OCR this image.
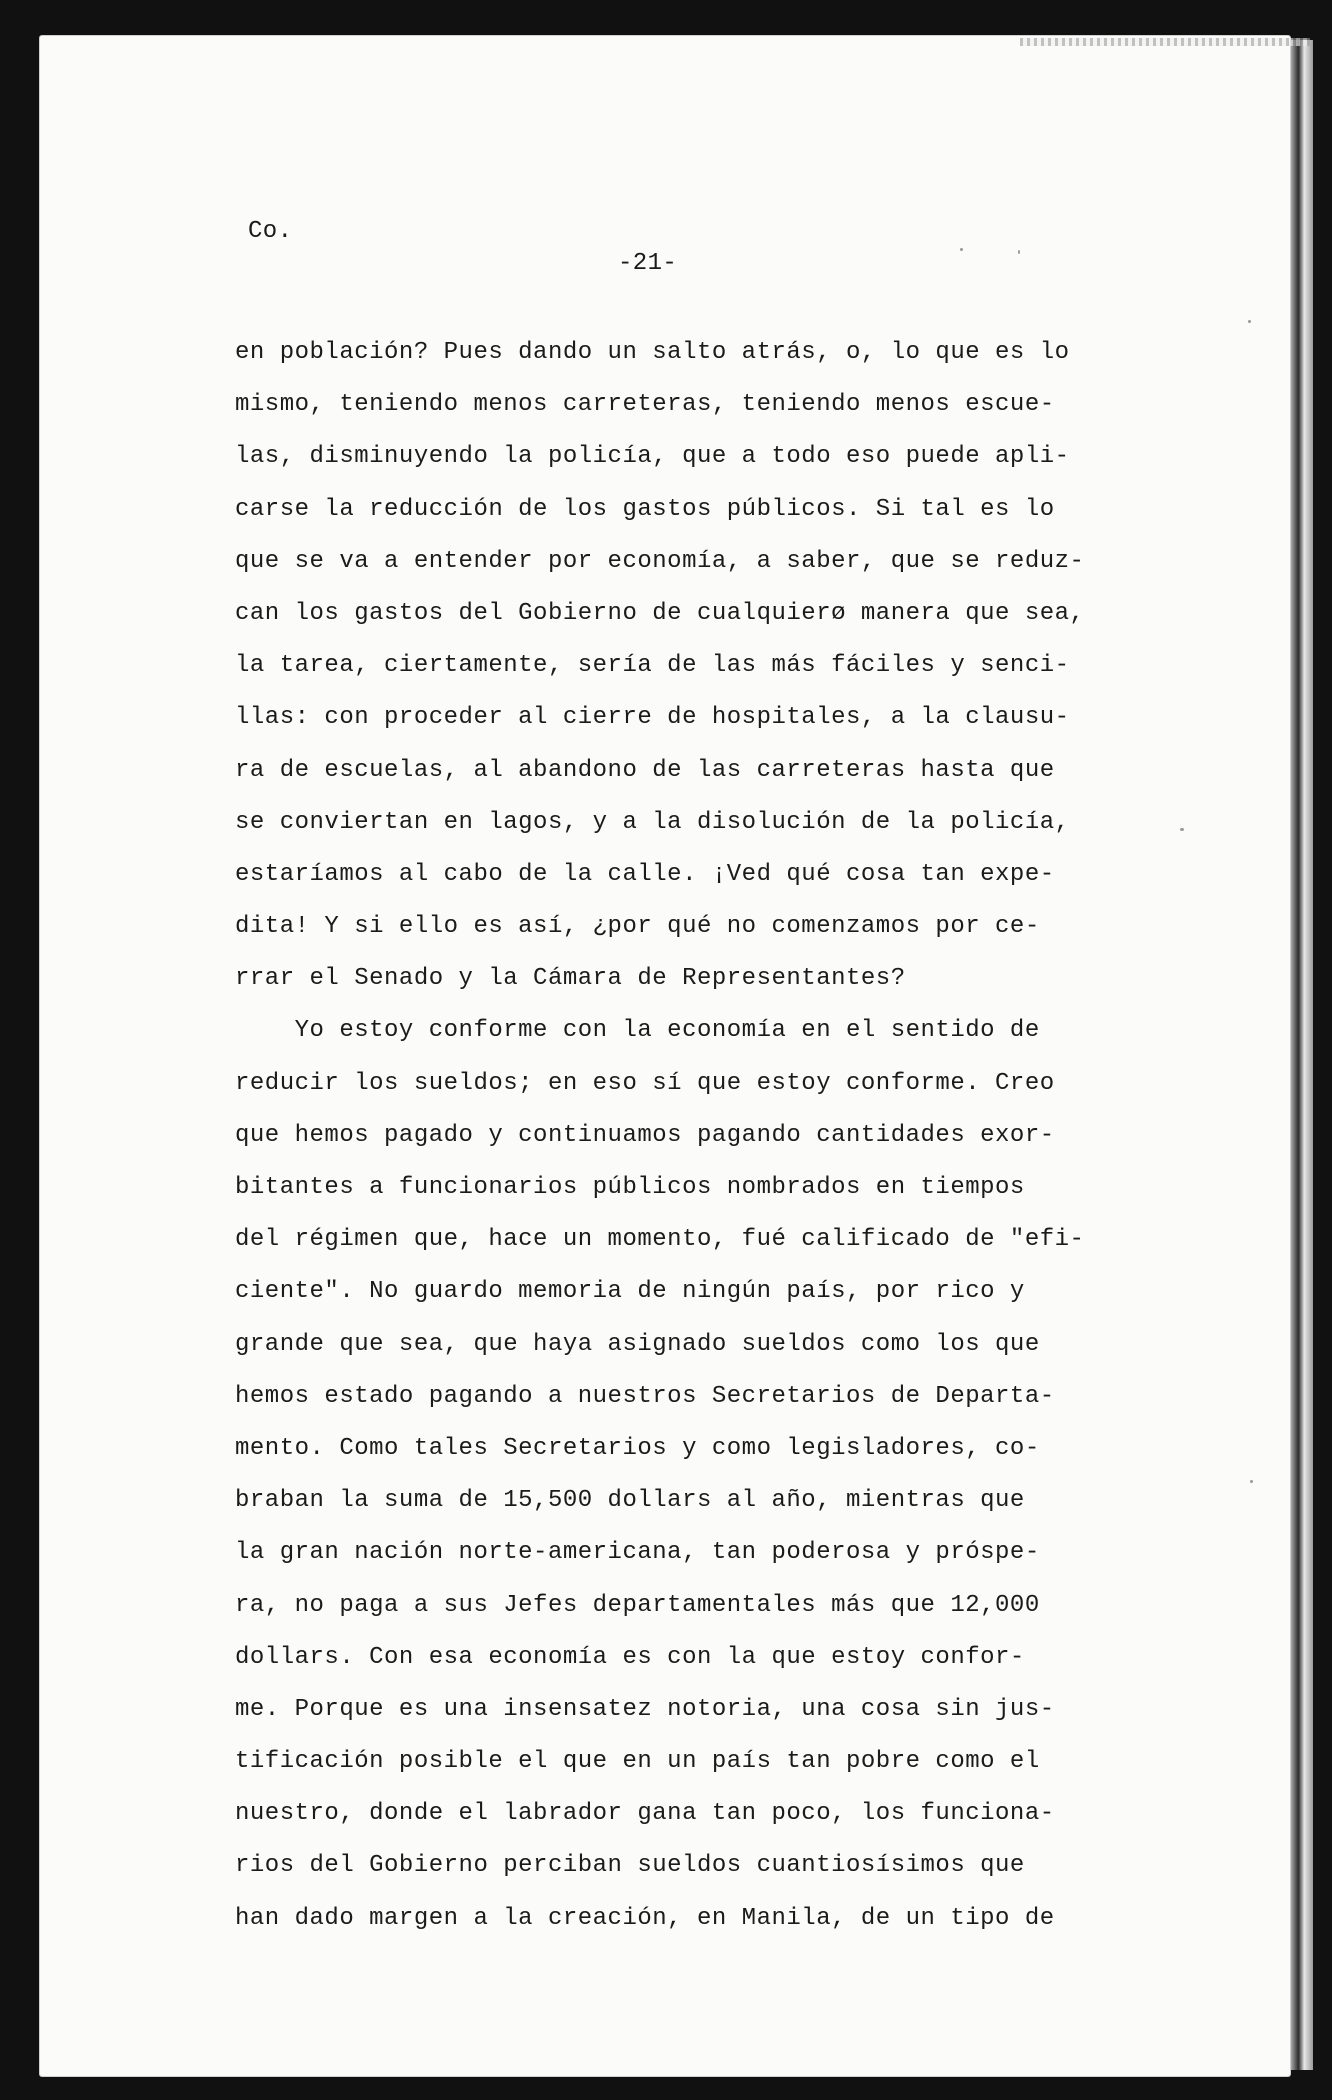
Co.
-21-
en población? Pues dando un salto atrás, o, lo que es lo
mismo, teniendo menos carreteras, teniendo menos escue-
las, disminuyendo la policía, que a todo eso puede apli-
carse la reducción de los gastos públicos. Si tal es lo
que se va a entender por economía, a saber, que se reduz-
can los gastos del Gobierno de cualquierø manera que sea,
la tarea, ciertamente, sería de las más fáciles y senci-
llas: con proceder al cierre de hospitales, a la clausu-
ra de escuelas, al abandono de las carreteras hasta que
se conviertan en lagos, y a la disolución de la policía,
estaríamos al cabo de la calle. ¡Ved qué cosa tan expe-
dita! Y si ello es así, ¿por qué no comenzamos por ce-
rrar el Senado y la Cámara de Representantes?
Yo estoy conforme con la economía en el sentido de
reducir los sueldos; en eso sí que estoy conforme. Creo
que hemos pagado y continuamos pagando cantidades exor-
bitantes a funcionarios públicos nombrados en tiempos
del régimen que, hace un momento, fué calificado de "efi-
ciente". No guardo memoria de ningún país, por rico y
grande que sea, que haya asignado sueldos como los que
hemos estado pagando a nuestros Secretarios de Departa-
mento. Como tales Secretarios y como legisladores, co-
braban la suma de 15,500 dollars al año, mientras que
la gran nación norte-americana, tan poderosa y próspe-
ra, no paga a sus Jefes departamentales más que 12,000
dollars. Con esa economía es con la que estoy confor-
me. Porque es una insensatez notoria, una cosa sin jus-
tificación posible el que en un país tan pobre como el
nuestro, donde el labrador gana tan poco, los funciona-
rios del Gobierno perciban sueldos cuantiosísimos que
han dado margen a la creación, en Manila, de un tipo de
